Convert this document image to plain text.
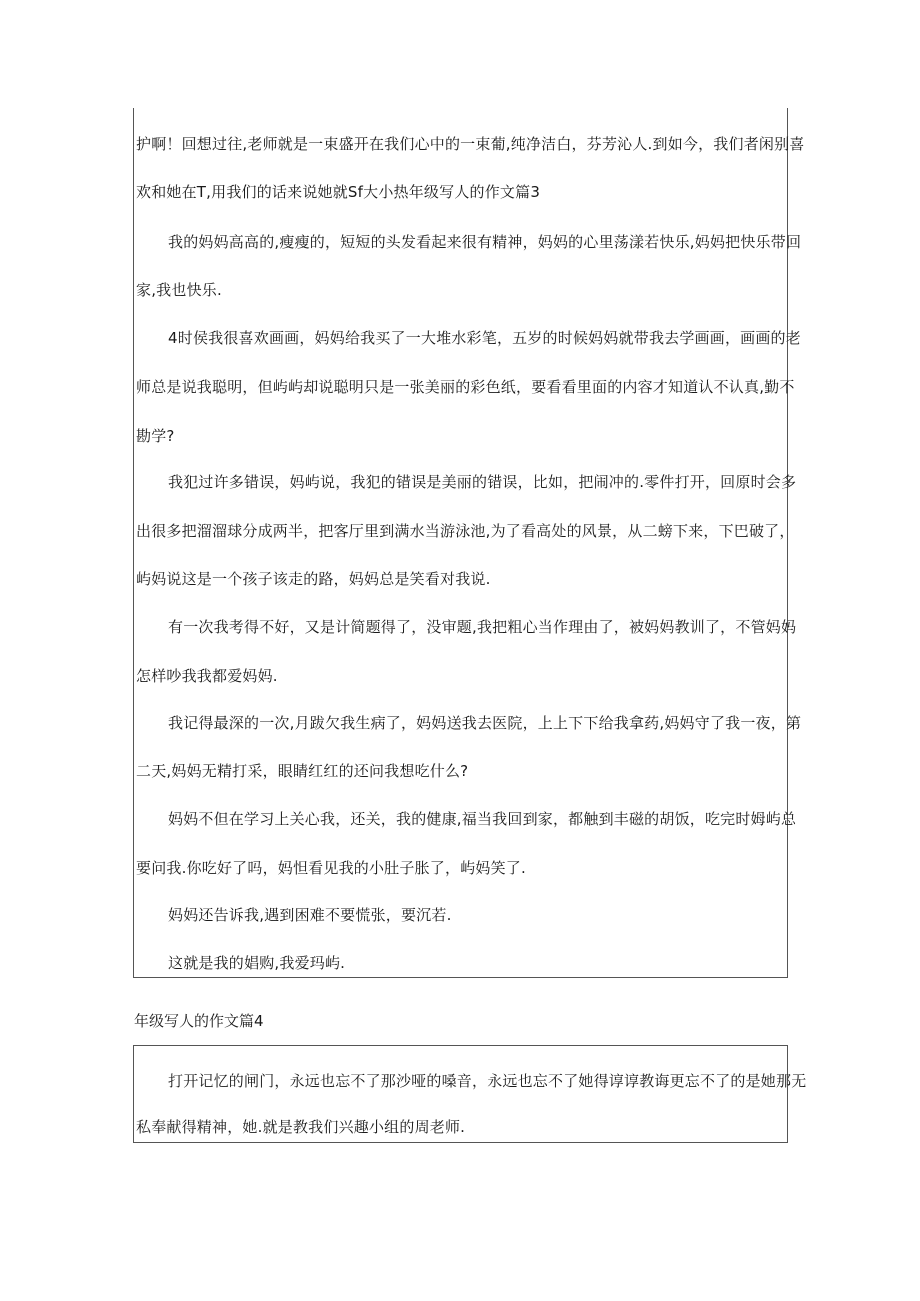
护啊！回想过往,老师就是一束盛开在我们心中的一束葡,纯净洁白，芬芳沁人.到如今，我们者闲别喜
欢和她在T,用我们的话来说她就Sf大小热年级写人的作文篇3
我的妈妈高高的,瘦瘦的，短短的头发看起来很有精神，妈妈的心里荡漾若快乐,妈妈把快乐带回
家,我也快乐.
4时侯我很喜欢画画，妈妈给我买了一大堆水彩笔，五岁的时候妈妈就带我去学画画，画画的老
师总是说我聪明，但屿屿却说聪明只是一张美丽的彩色纸，要看看里面的内容才知道认不认真,勤不
勘学?
我犯过许多错误，妈屿说，我犯的错误是美丽的错误，比如，把闹冲的.零件打开，回原时会多
出很多把溜溜球分成两半，把客厅里到满水当游泳池,为了看高处的风景，从二螃下来，下巴破了，
屿妈说这是一个孩子该走的路，妈妈总是笑看对我说.
有一次我考得不好，又是计简题得了，没审题,我把粗心当作理由了，被妈妈教训了，不管妈妈
怎样吵我我都爱妈妈.
我记得最深的一次,月跋欠我生病了，妈妈送我去医院，上上下下给我拿药,妈妈守了我一夜，第
二天,妈妈无精打采，眼睛红红的还问我想吃什么?
妈妈不但在学习上关心我，还关，我的健康,福当我回到家，都触到丰磁的胡饭，吃完时姆屿总
要问我.你吃好了吗，妈怛看见我的小肚子胀了，屿妈笑了.
妈妈还告诉我,遇到困难不要慌张，要沉若.
这就是我的娼购,我爱玛屿.
年级写人的作文篇4
打开记忆的闸门，永远也忘不了那沙哑的嗓音，永远也忘不了她得谆谆教诲更忘不了的是她那无
私奉献得精神，她.就是教我们兴趣小组的周老师.
